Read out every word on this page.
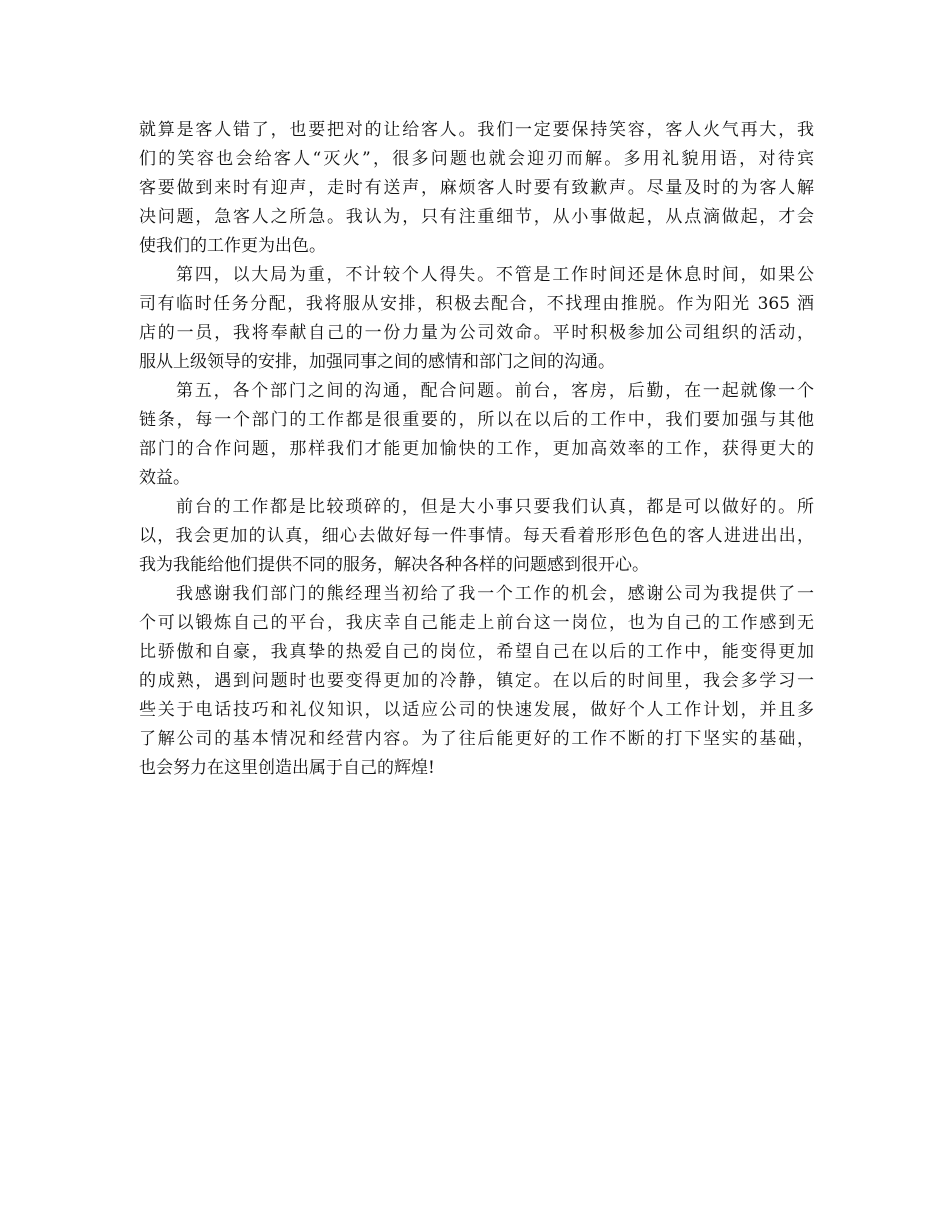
就算是客人错了，也要把对的让给客人。我们一定要保持笑容，客人火气再大，我
们的笑容也会给客人“灭火”，很多问题也就会迎刃而解。多用礼貌用语，对待宾
客要做到来时有迎声，走时有送声，麻烦客人时要有致歉声。尽量及时的为客人解
决问题，急客人之所急。我认为，只有注重细节，从小事做起，从点滴做起，才会
使我们的工作更为出色。
第四，以大局为重，不计较个人得失。不管是工作时间还是休息时间，如果公
司有临时任务分配，我将服从安排，积极去配合，不找理由推脱。作为阳光 365 酒
店的一员，我将奉献自己的一份力量为公司效命。平时积极参加公司组织的活动，
服从上级领导的安排，加强同事之间的感情和部门之间的沟通。
第五，各个部门之间的沟通，配合问题。前台，客房，后勤，在一起就像一个
链条，每一个部门的工作都是很重要的，所以在以后的工作中，我们要加强与其他
部门的合作问题，那样我们才能更加愉快的工作，更加高效率的工作，获得更大的
效益。
前台的工作都是比较琐碎的，但是大小事只要我们认真，都是可以做好的。所
以，我会更加的认真，细心去做好每一件事情。每天看着形形色色的客人进进出出，
我为我能给他们提供不同的服务，解决各种各样的问题感到很开心。
我感谢我们部门的熊经理当初给了我一个工作的机会，感谢公司为我提供了一
个可以锻炼自己的平台，我庆幸自己能走上前台这一岗位，也为自己的工作感到无
比骄傲和自豪，我真挚的热爱自己的岗位，希望自己在以后的工作中，能变得更加
的成熟，遇到问题时也要变得更加的冷静，镇定。在以后的时间里，我会多学习一
些关于电话技巧和礼仪知识，以适应公司的快速发展，做好个人工作计划，并且多
了解公司的基本情况和经营内容。为了往后能更好的工作不断的打下坚实的基础，
也会努力在这里创造出属于自己的辉煌!
